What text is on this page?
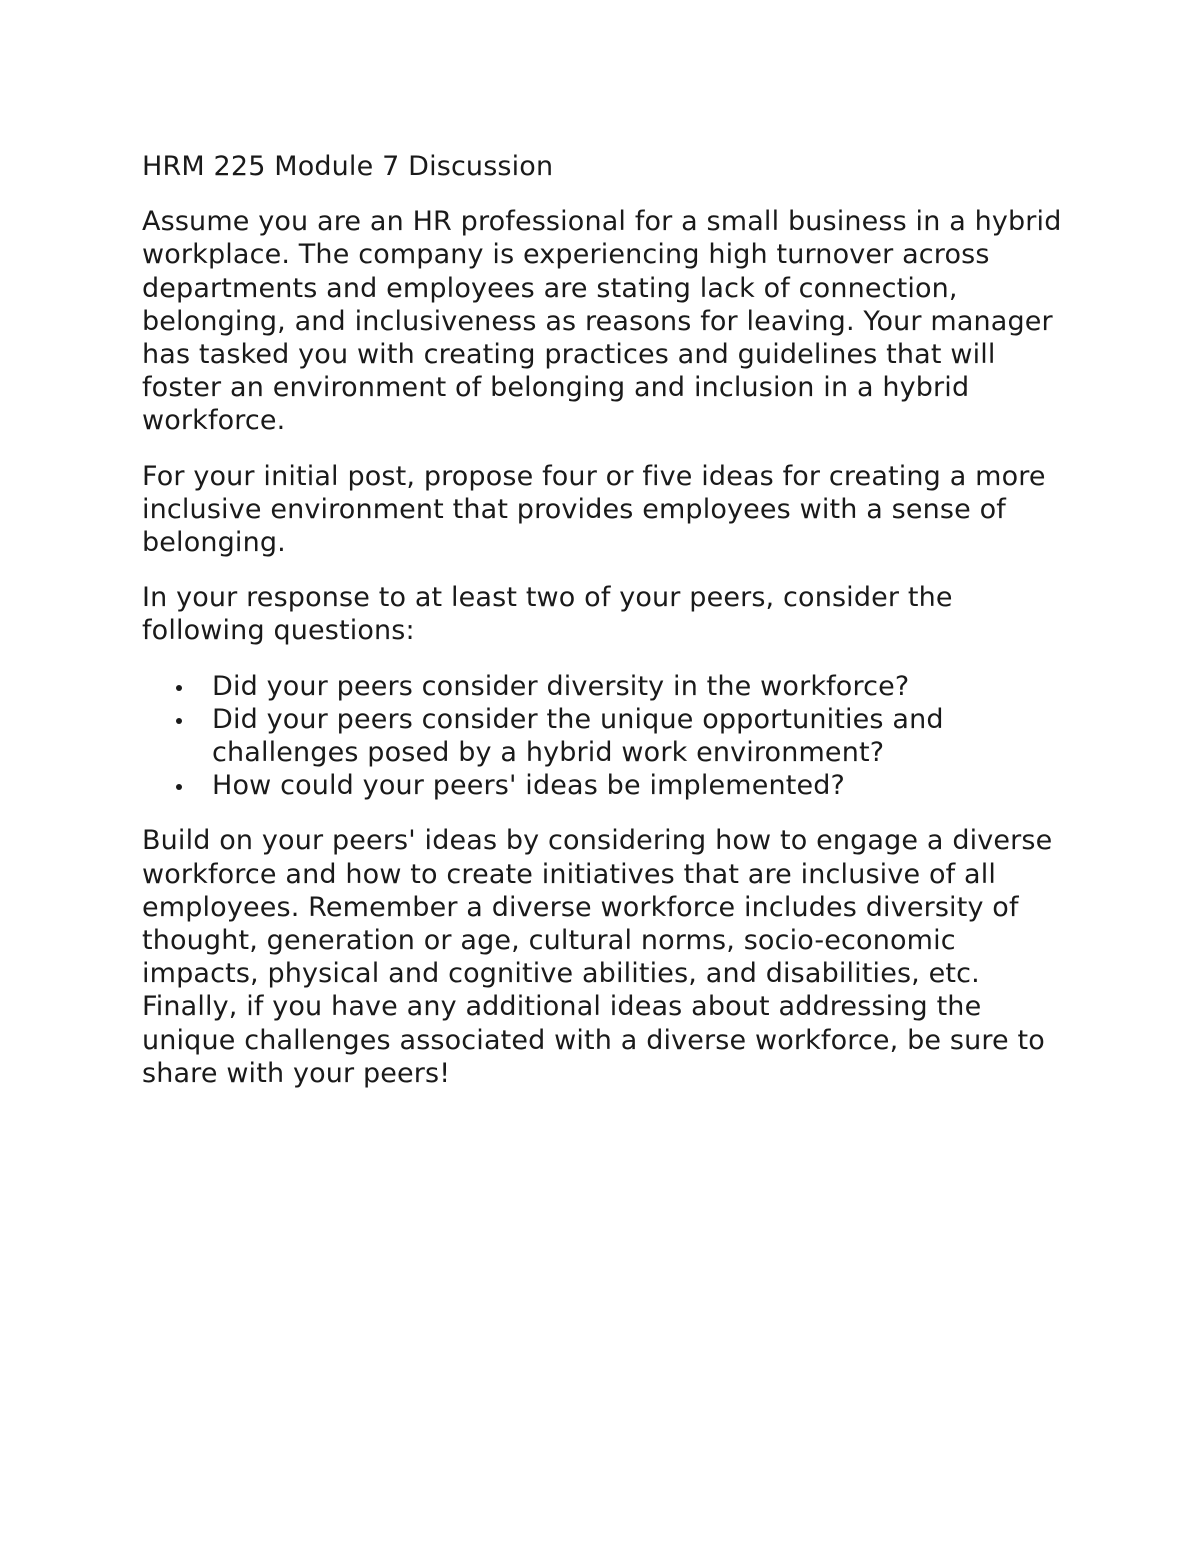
HRM 225 Module 7 Discussion

Assume you are an HR professional for a small business in a hybrid workplace. The company is experiencing high turnover across departments and employees are stating lack of connection, belonging, and inclusiveness as reasons for leaving. Your manager has tasked you with creating practices and guidelines that will foster an environment of belonging and inclusion in a hybrid workforce.

For your initial post, propose four or five ideas for creating a more inclusive environment that provides employees with a sense of belonging.

In your response to at least two of your peers, consider the following questions:

Did your peers consider diversity in the workforce?
Did your peers consider the unique opportunities and challenges posed by a hybrid work environment?
How could your peers' ideas be implemented?

Build on your peers' ideas by considering how to engage a diverse workforce and how to create initiatives that are inclusive of all employees. Remember a diverse workforce includes diversity of thought, generation or age, cultural norms, socio-economic impacts, physical and cognitive abilities, and disabilities, etc. Finally, if you have any additional ideas about addressing the unique challenges associated with a diverse workforce, be sure to share with your peers!
